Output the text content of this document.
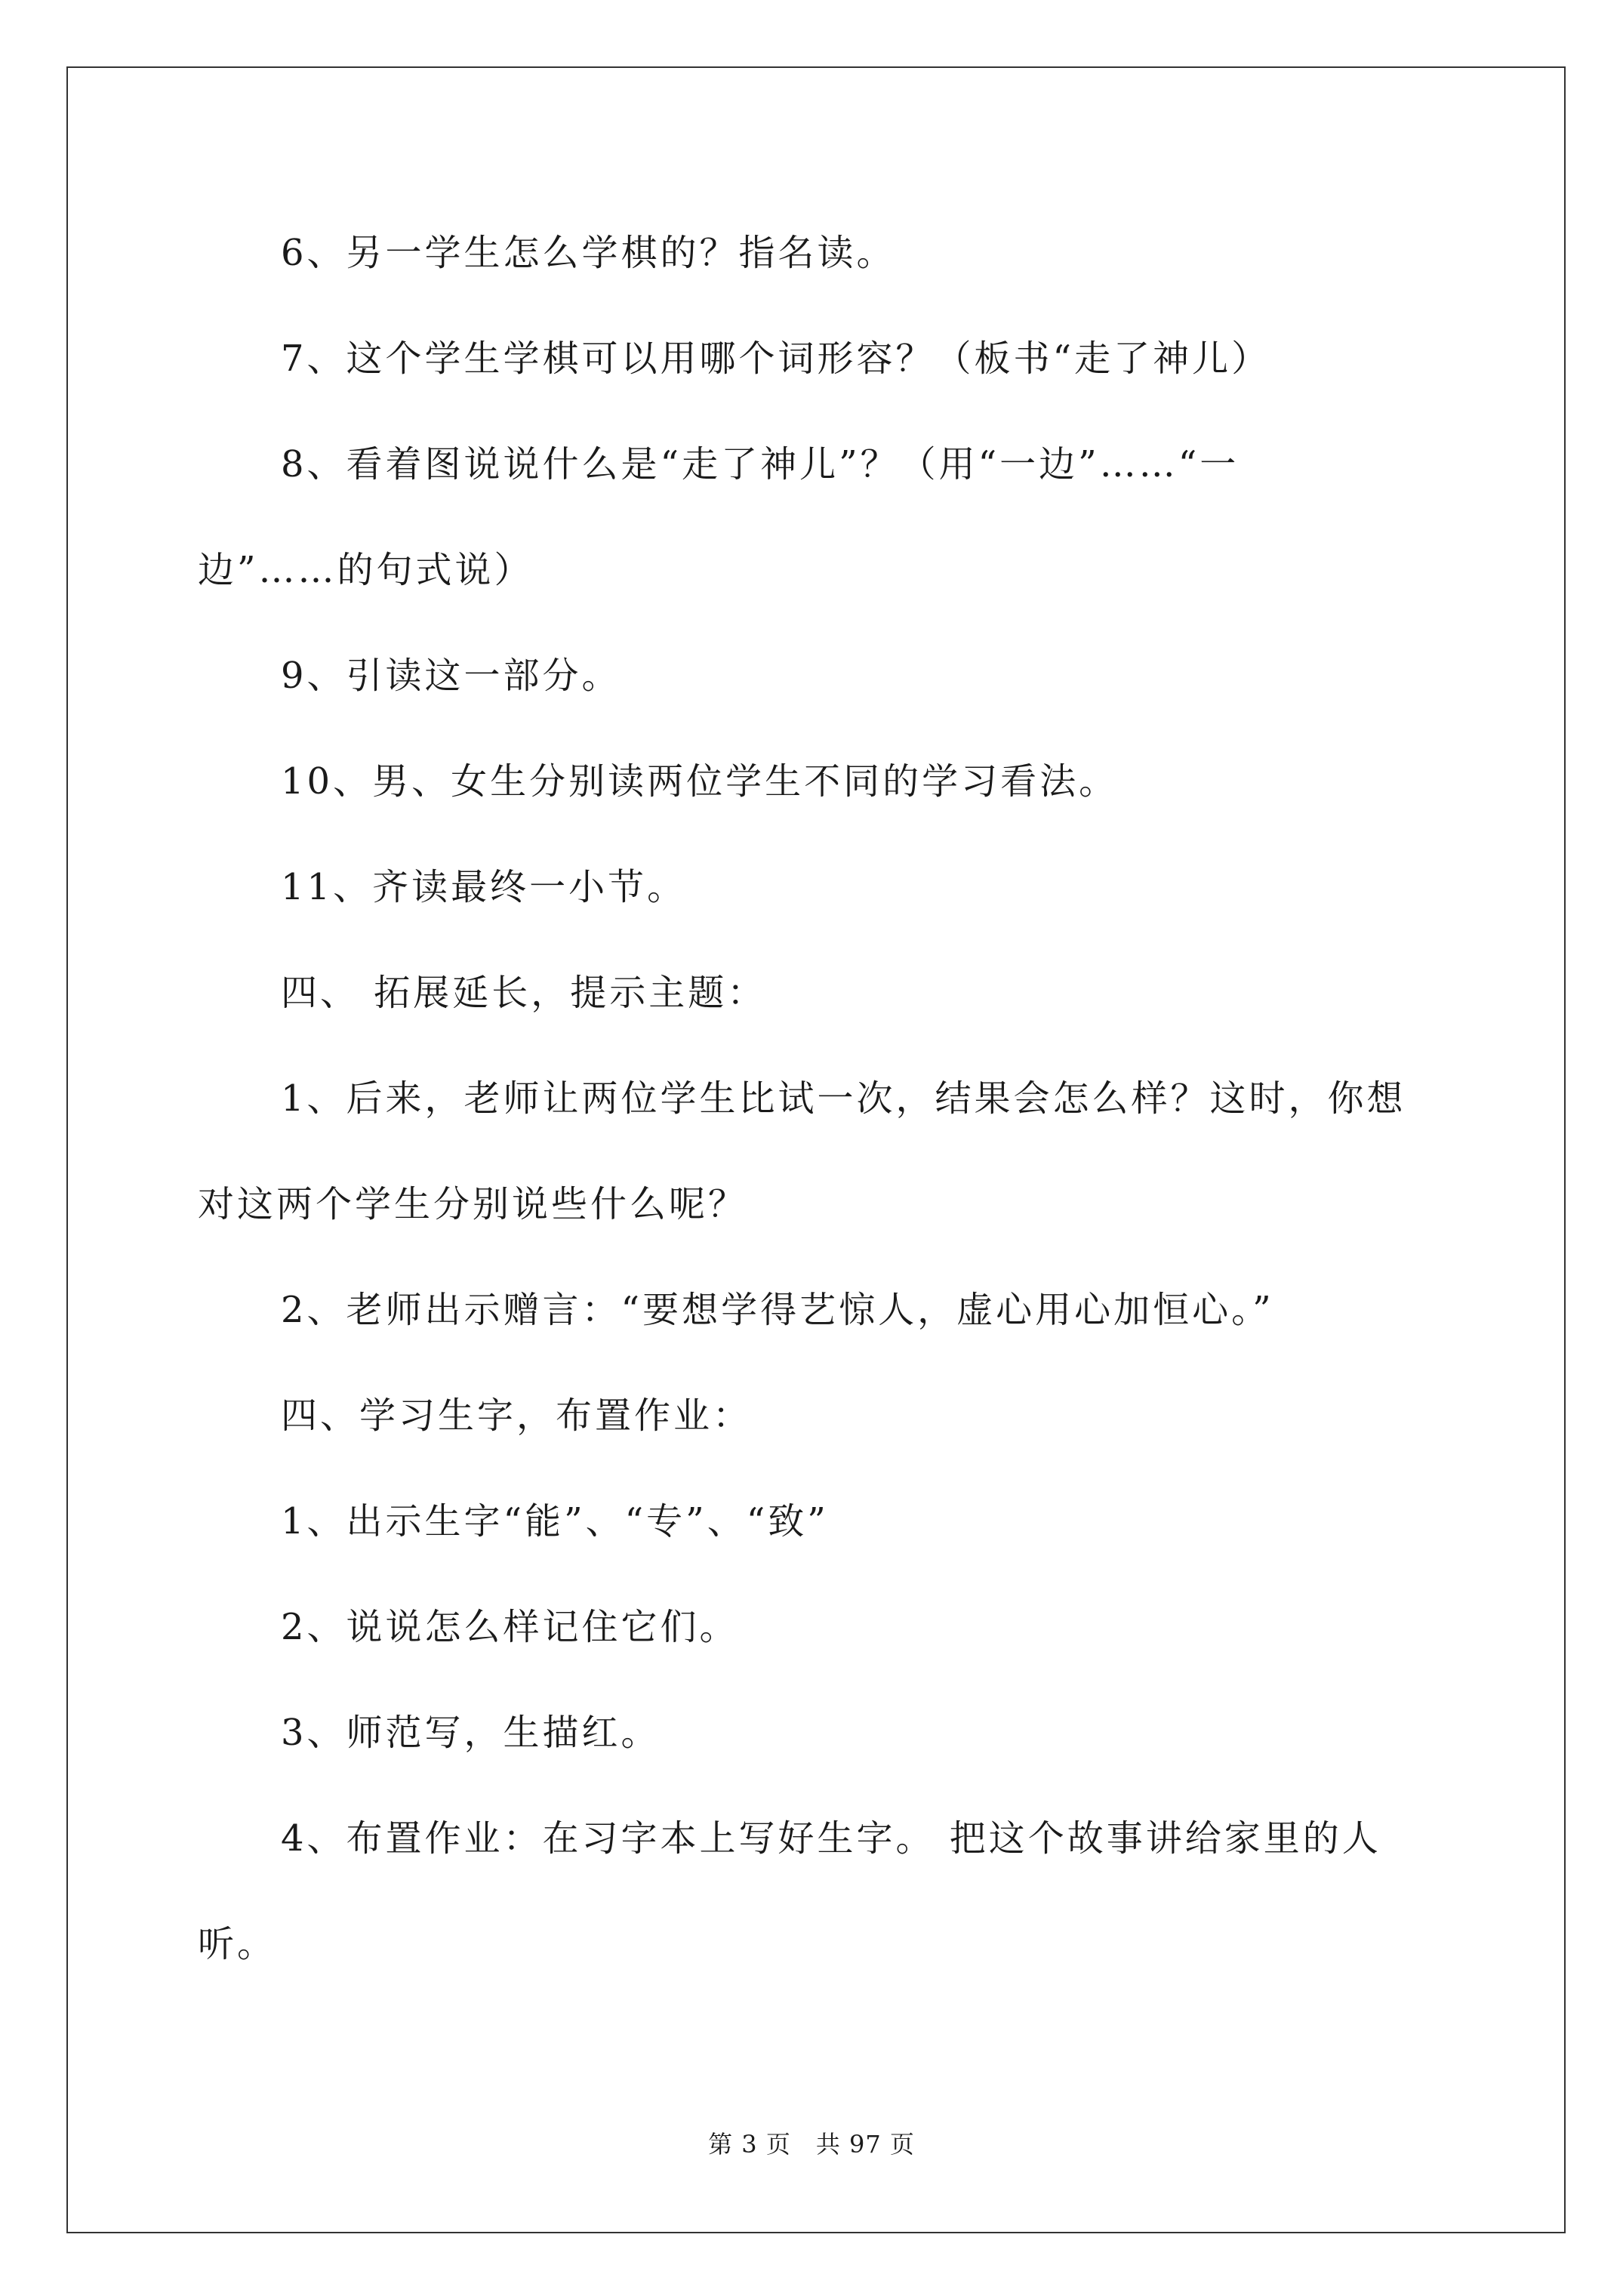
6、另一学生怎么学棋的？指名读。
7、这个学生学棋可以用哪个词形容？（板书“走了神儿）
8、看着图说说什么是“走了神儿”？（用“一边”……“一
边”……的句式说）
9、引读这一部分。
10、男、女生分别读两位学生不同的学习看法。
11、齐读最终一小节。
四、 拓展延长，提示主题：
1、后来，老师让两位学生比试一次，结果会怎么样？这时，你想
对这两个学生分别说些什么呢？
2、老师出示赠言：“要想学得艺惊人，虚心用心加恒心。”
四、学习生字，布置作业：
1、出示生字“能”、“专”、“致”
2、说说怎么样记住它们。
3、师范写，生描红。
4、布置作业：在习字本上写好生字。 把这个故事讲给家里的人
听。
第 3 页　共 97 页
